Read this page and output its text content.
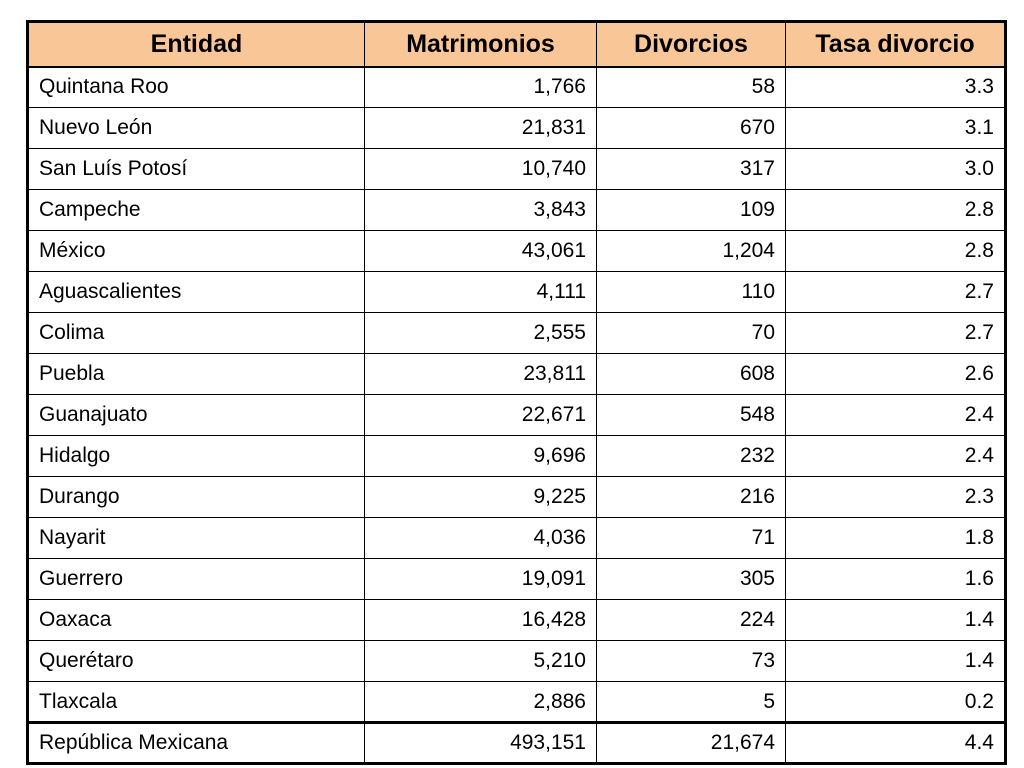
Entidad	Matrimonios	Divorcios	Tasa divorcio
Quintana Roo	1,766	58	3.3
Nuevo León	21,831	670	3.1
San Luís Potosí	10,740	317	3.0
Campeche	3,843	109	2.8
México	43,061	1,204	2.8
Aguascalientes	4,111	110	2.7
Colima	2,555	70	2.7
Puebla	23,811	608	2.6
Guanajuato	22,671	548	2.4
Hidalgo	9,696	232	2.4
Durango	9,225	216	2.3
Nayarit	4,036	71	1.8
Guerrero	19,091	305	1.6
Oaxaca	16,428	224	1.4
Querétaro	5,210	73	1.4
Tlaxcala	2,886	5	0.2
República Mexicana	493,151	21,674	4.4
